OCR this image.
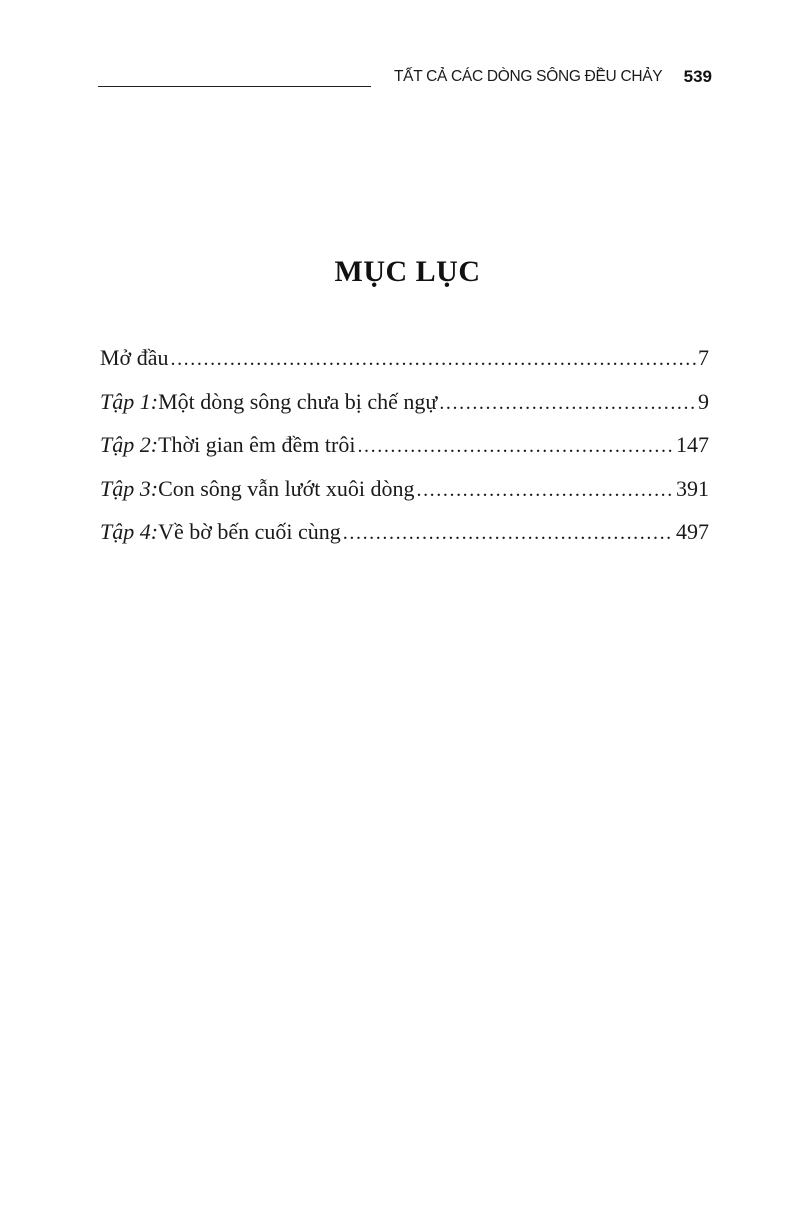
TẤT CẢ CÁC DÒNG SÔNG ĐỀU CHẢY 539
MỤC LỤC
Mở đầu .....	7
Tập 1: Một dòng sông chưa bị chế ngự .....	9
Tập 2: Thời gian êm đềm trôi .....	147
Tập 3: Con sông vẫn lướt xuôi dòng .....	391
Tập 4: Về bờ bến cuối cùng .....	497
